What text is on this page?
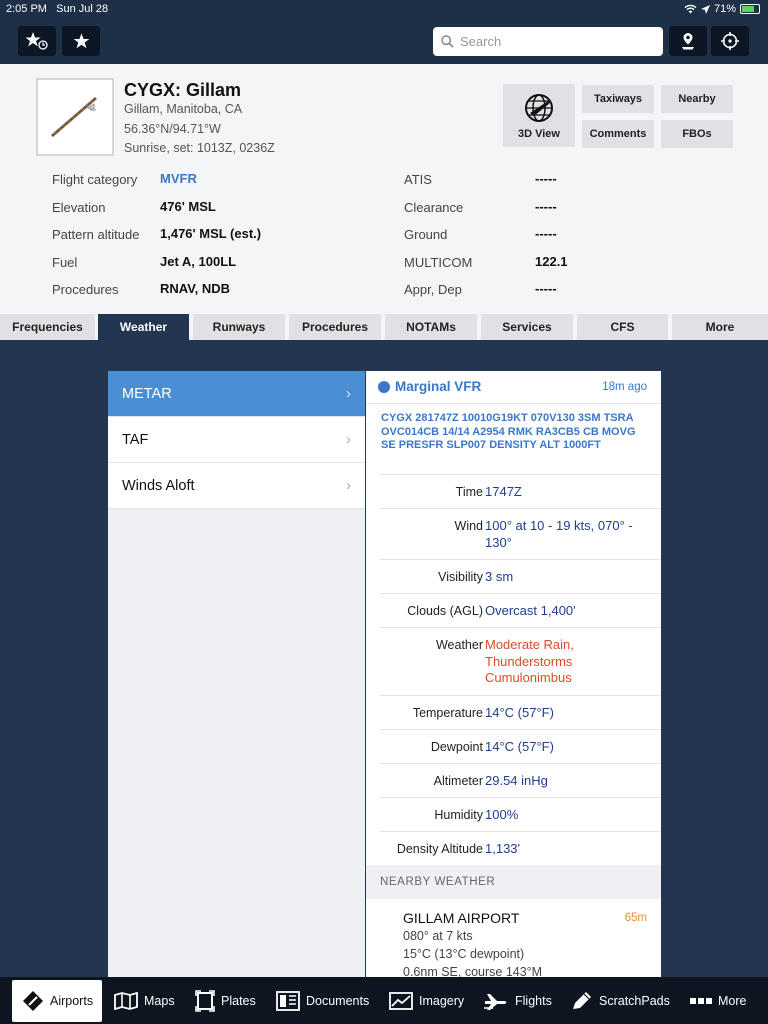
2:05 PM Sun Jul 28	71%
Search
CYGX: Gillam
Gillam, Manitoba, CA
56.36°N/94.71°W
Sunrise, set: 1013Z, 0236Z
3D View
Taxiways	Nearby
Comments	FBOs
Flight category MVFR
Elevation	476' MSL
Pattern altitude 1,476' MSL (est.)
Fuel	Jet A, 100LL
Procedures	RNAV, NDB
ATIS	-----
Clearance	-----
Ground	-----
MULTICOM	122.1
Appr, Dep	-----
Frequencies	Weather	Runways	Procedures	NOTAMs	Services	CFS	More
METAR	›
TAF	›
Winds Aloft	›
Marginal VFR	18m ago
CYGX 281747Z 10010G19KT 070V130 3SM TSRA OVC014CB 14/14 A2954 RMK RA3CB5 CB MOVG SE PRESFR SLP007 DENSITY ALT 1000FT
Time 1747Z
Wind 100° at 10 - 19 kts, 070° - 130°
Visibility 3 sm
Clouds (AGL) Overcast 1,400'
Weather Moderate Rain, Thunderstorms Cumulonimbus
Temperature 14°C (57°F)
Dewpoint 14°C (57°F)
Altimeter 29.54 inHg
Humidity 100%
Density Altitude 1,133'
NEARBY WEATHER
GILLAM AIRPORT	65m
080° at 7 kts
15°C (13°C dewpoint)
0.6nm SE, course 143°M
Airports	Maps	Plates	Documents	Imagery	Flights	ScratchPads	More
